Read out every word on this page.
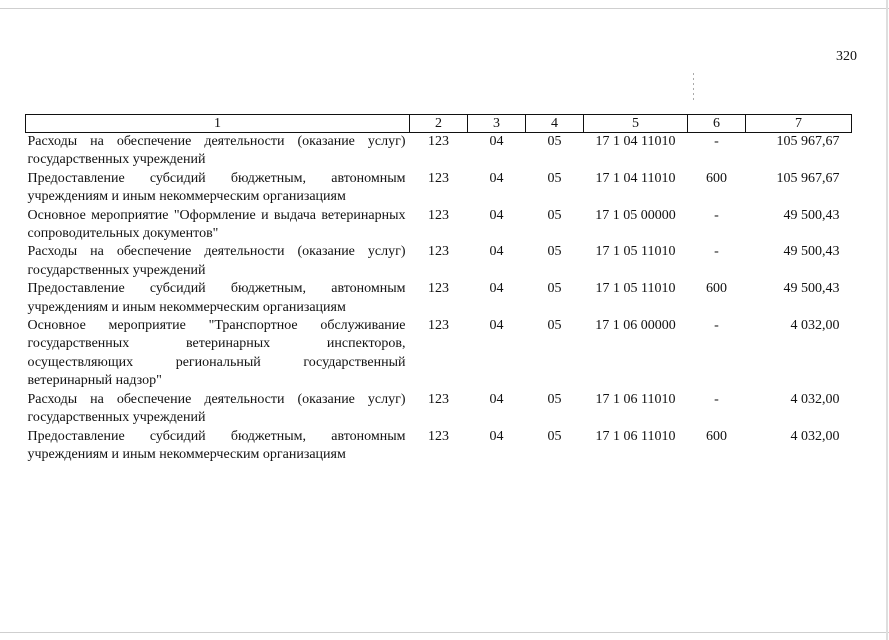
320
1	2	3	4	5	6	7
Расходы на обеспечение деятельности (оказание услуг) государственных учреждений	123	04	05	17 1 04 11010	-	105 967,67
Предоставление субсидий бюджетным, автономным учреждениям и иным некоммерческим организациям	123	04	05	17 1 04 11010	600	105 967,67
Основное мероприятие "Оформление и выдача ветеринарных сопроводительных документов"	123	04	05	17 1 05 00000	-	49 500,43
Расходы на обеспечение деятельности (оказание услуг) государственных учреждений	123	04	05	17 1 05 11010	-	49 500,43
Предоставление субсидий бюджетным, автономным учреждениям и иным некоммерческим организациям	123	04	05	17 1 05 11010	600	49 500,43
Основное мероприятие "Транспортное обслуживание государственных ветеринарных инспекторов, осуществляющих региональный государственный ветеринарный надзор"	123	04	05	17 1 06 00000	-	4 032,00
Расходы на обеспечение деятельности (оказание услуг) государственных учреждений	123	04	05	17 1 06 11010	-	4 032,00
Предоставление субсидий бюджетным, автономным учреждениям и иным некоммерческим организациям	123	04	05	17 1 06 11010	600	4 032,00
